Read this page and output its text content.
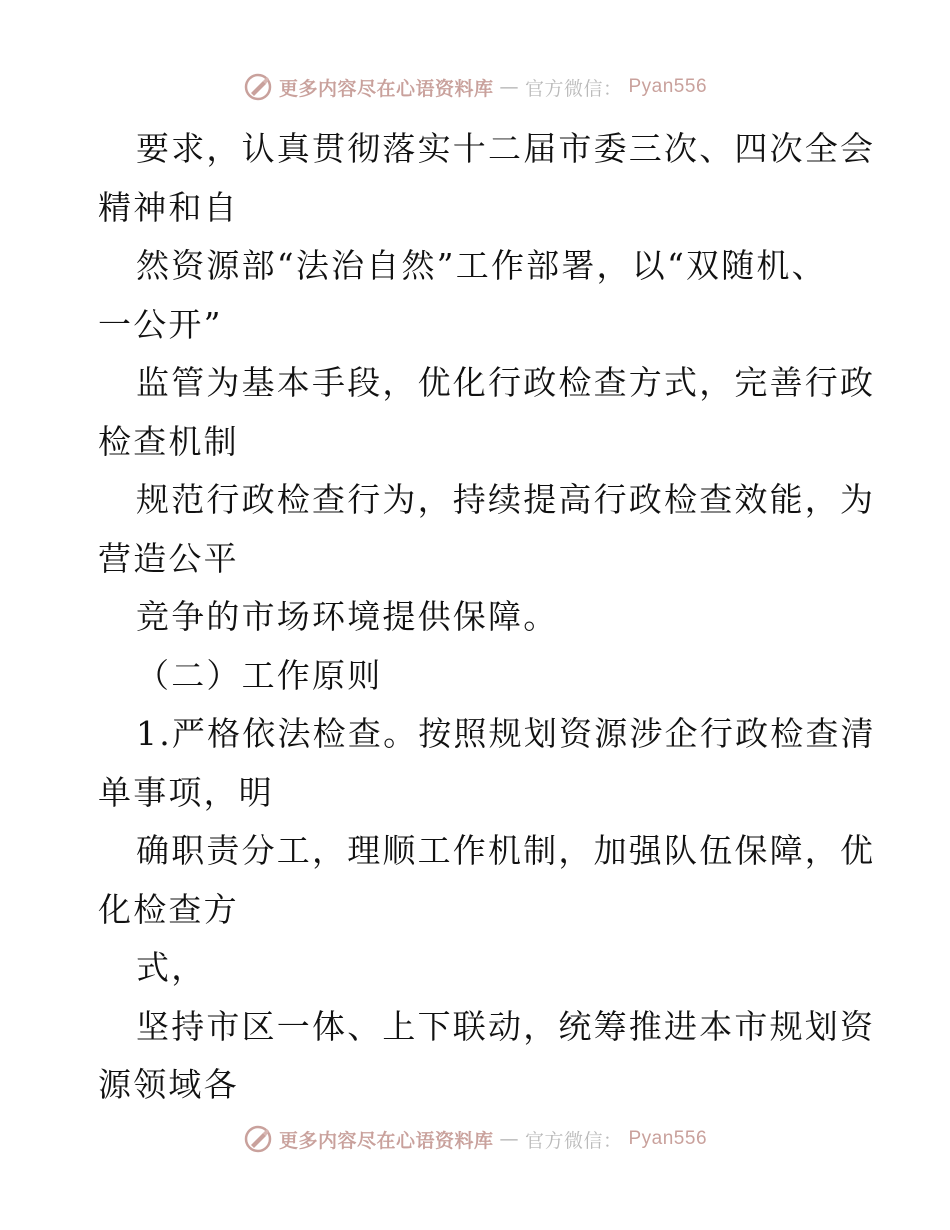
更多内容尽在心语资料库 — 官方微信： Pyan556
要求，认真贯彻落实十二届市委三次、四次全会
精神和自
然资源部“法治自然”工作部署，以“双随机、
一公开”
监管为基本手段，优化行政检查方式，完善行政
检查机制
规范行政检查行为，持续提高行政检查效能，为
营造公平
竞争的市场环境提供保障。
（二）工作原则
1.严格依法检查。按照规划资源涉企行政检查清
单事项，明
确职责分工，理顺工作机制，加强队伍保障，优
化检查方
式，
坚持市区一体、上下联动，统筹推进本市规划资
源领域各
更多内容尽在心语资料库 — 官方微信： Pyan556
